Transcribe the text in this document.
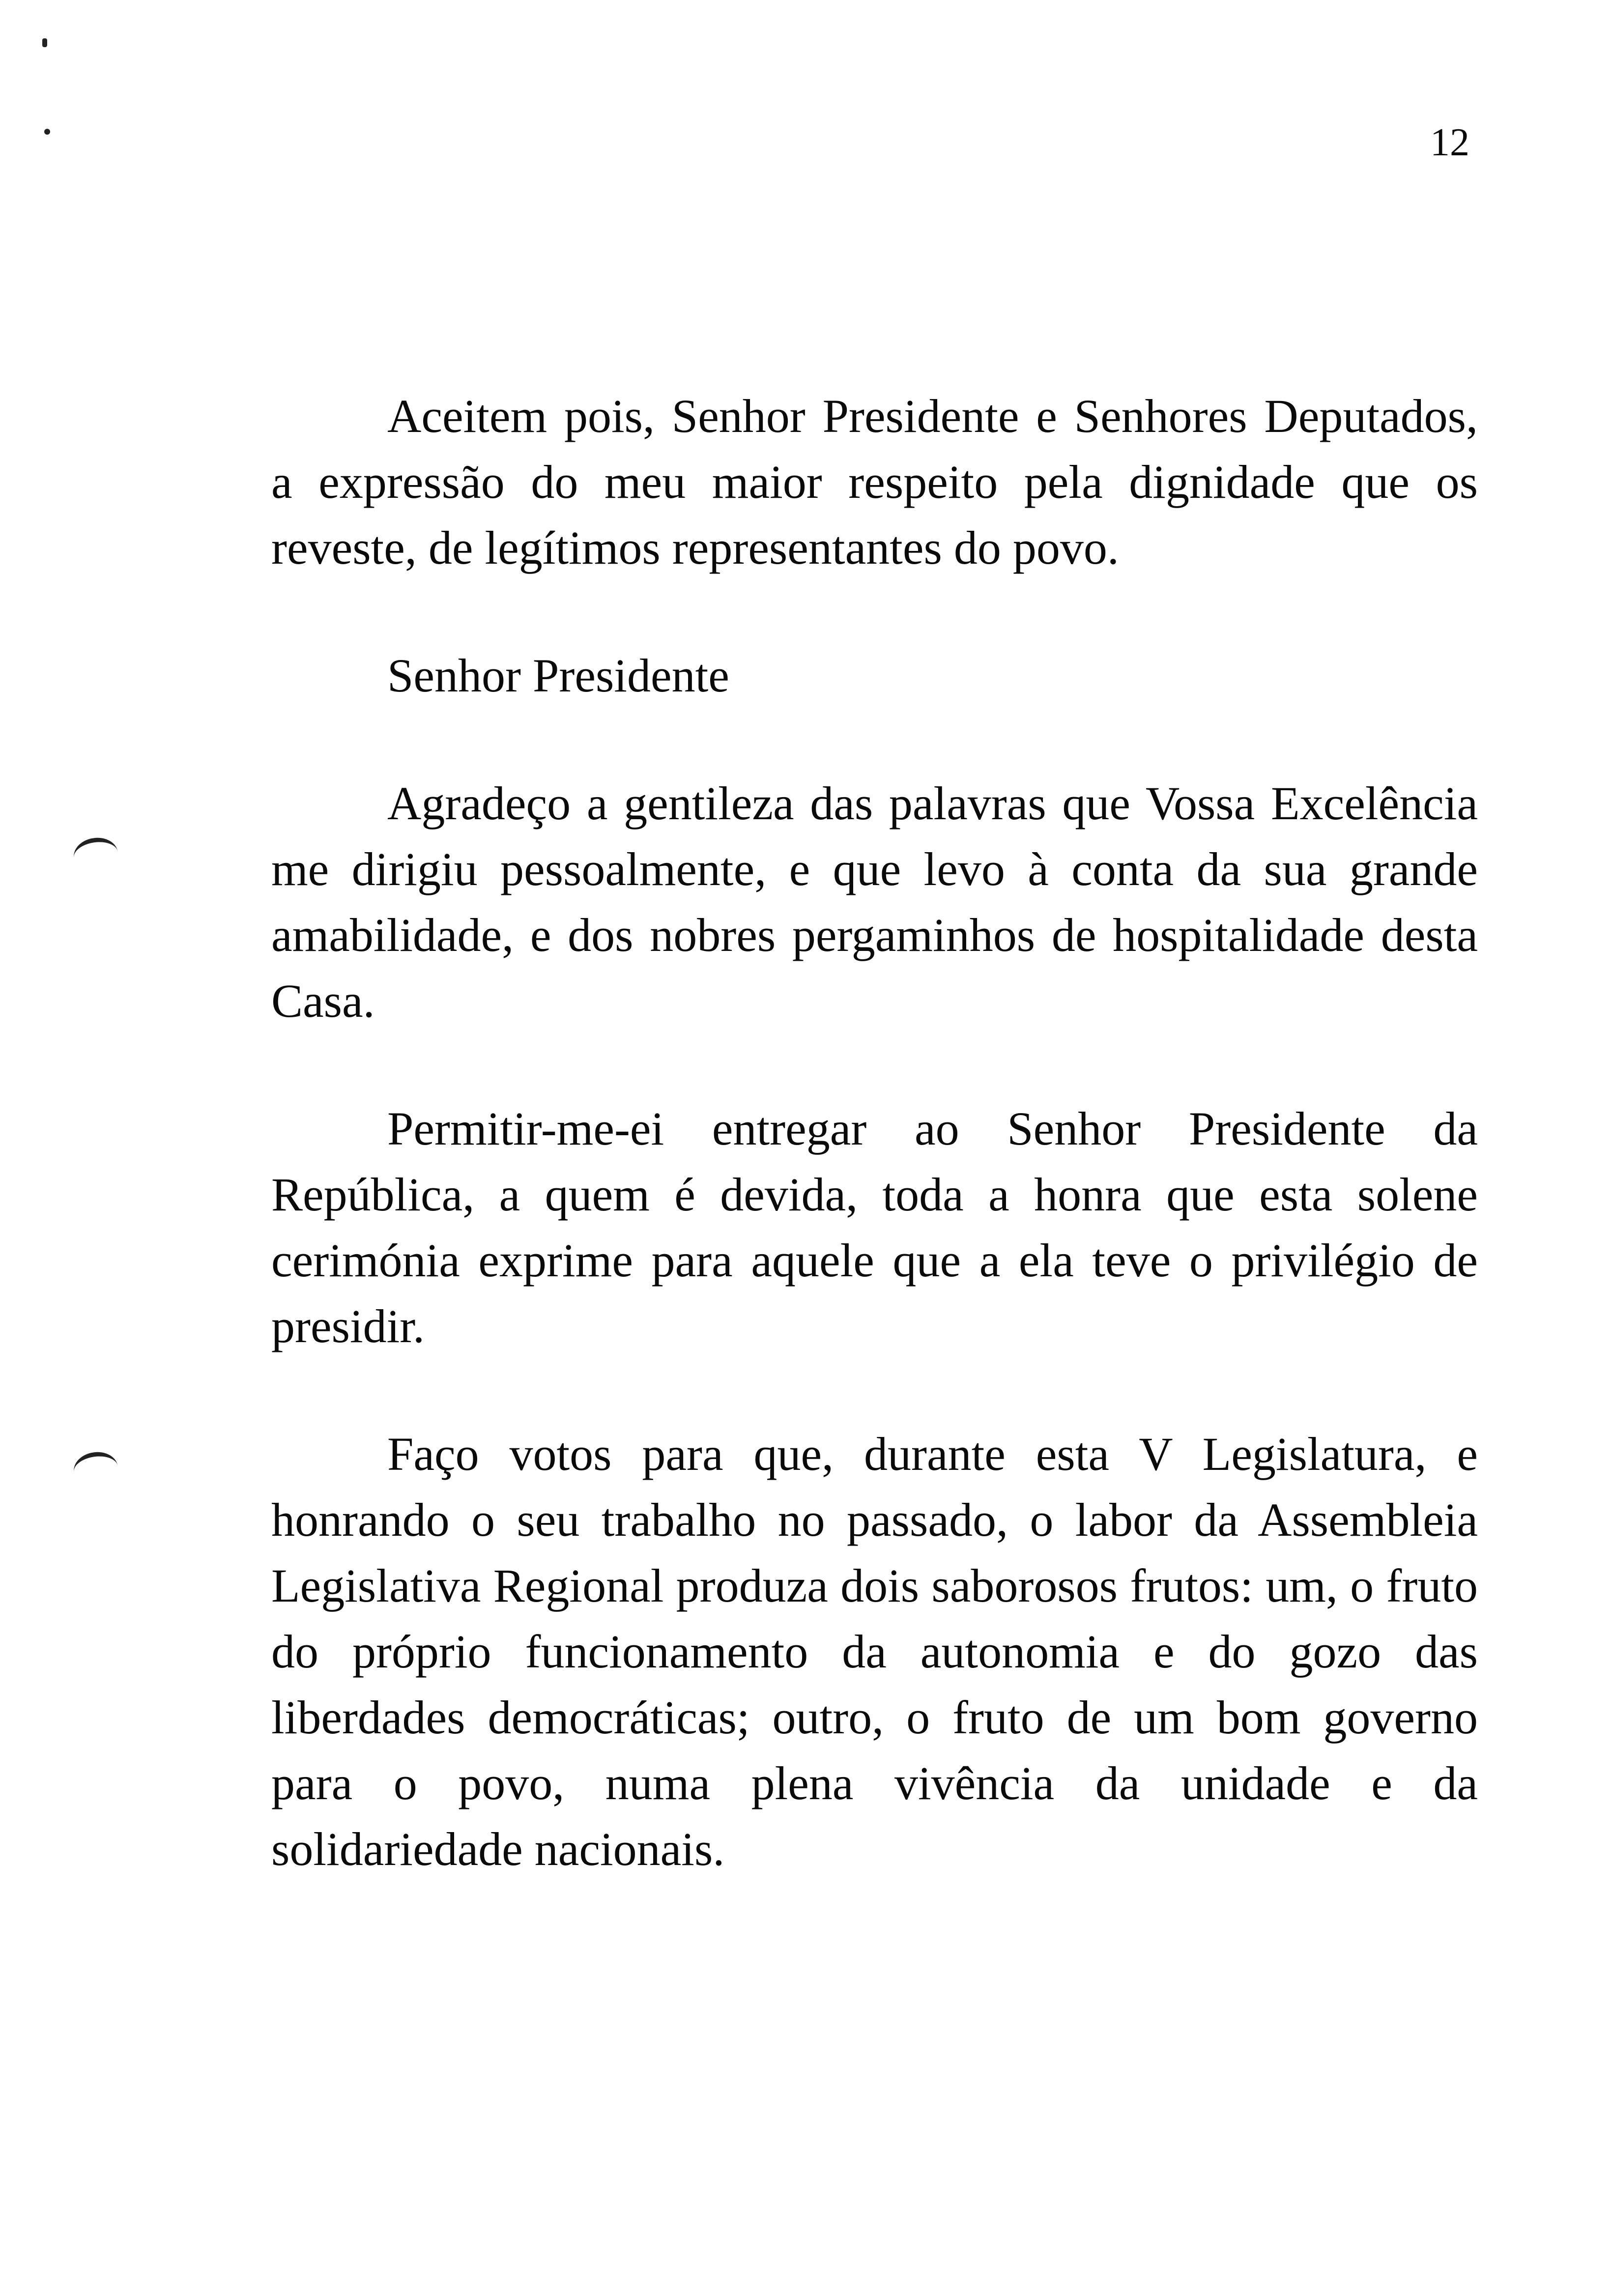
12

Aceitem pois, Senhor Presidente e Senhores Deputados, a expressão do meu maior respeito pela dignidade que os reveste, de legítimos representantes do povo.

Senhor Presidente

Agradeço a gentileza das palavras que Vossa Excelência me dirigiu pessoalmente, e que levo à conta da sua grande amabilidade, e dos nobres pergaminhos de hospitalidade desta Casa.

Permitir-me-ei entregar ao Senhor Presidente da República, a quem é devida, toda a honra que esta solene cerimónia exprime para aquele que a ela teve o privilégio de presidir.

Faço votos para que, durante esta V Legislatura, e honrando o seu trabalho no passado, o labor da Assembleia Legislativa Regional produza dois saborosos frutos: um, o fruto do próprio funcionamento da autonomia e do gozo das liberdades democráticas; outro, o fruto de um bom governo para o povo, numa plena vivência da unidade e da solidariedade nacionais.
